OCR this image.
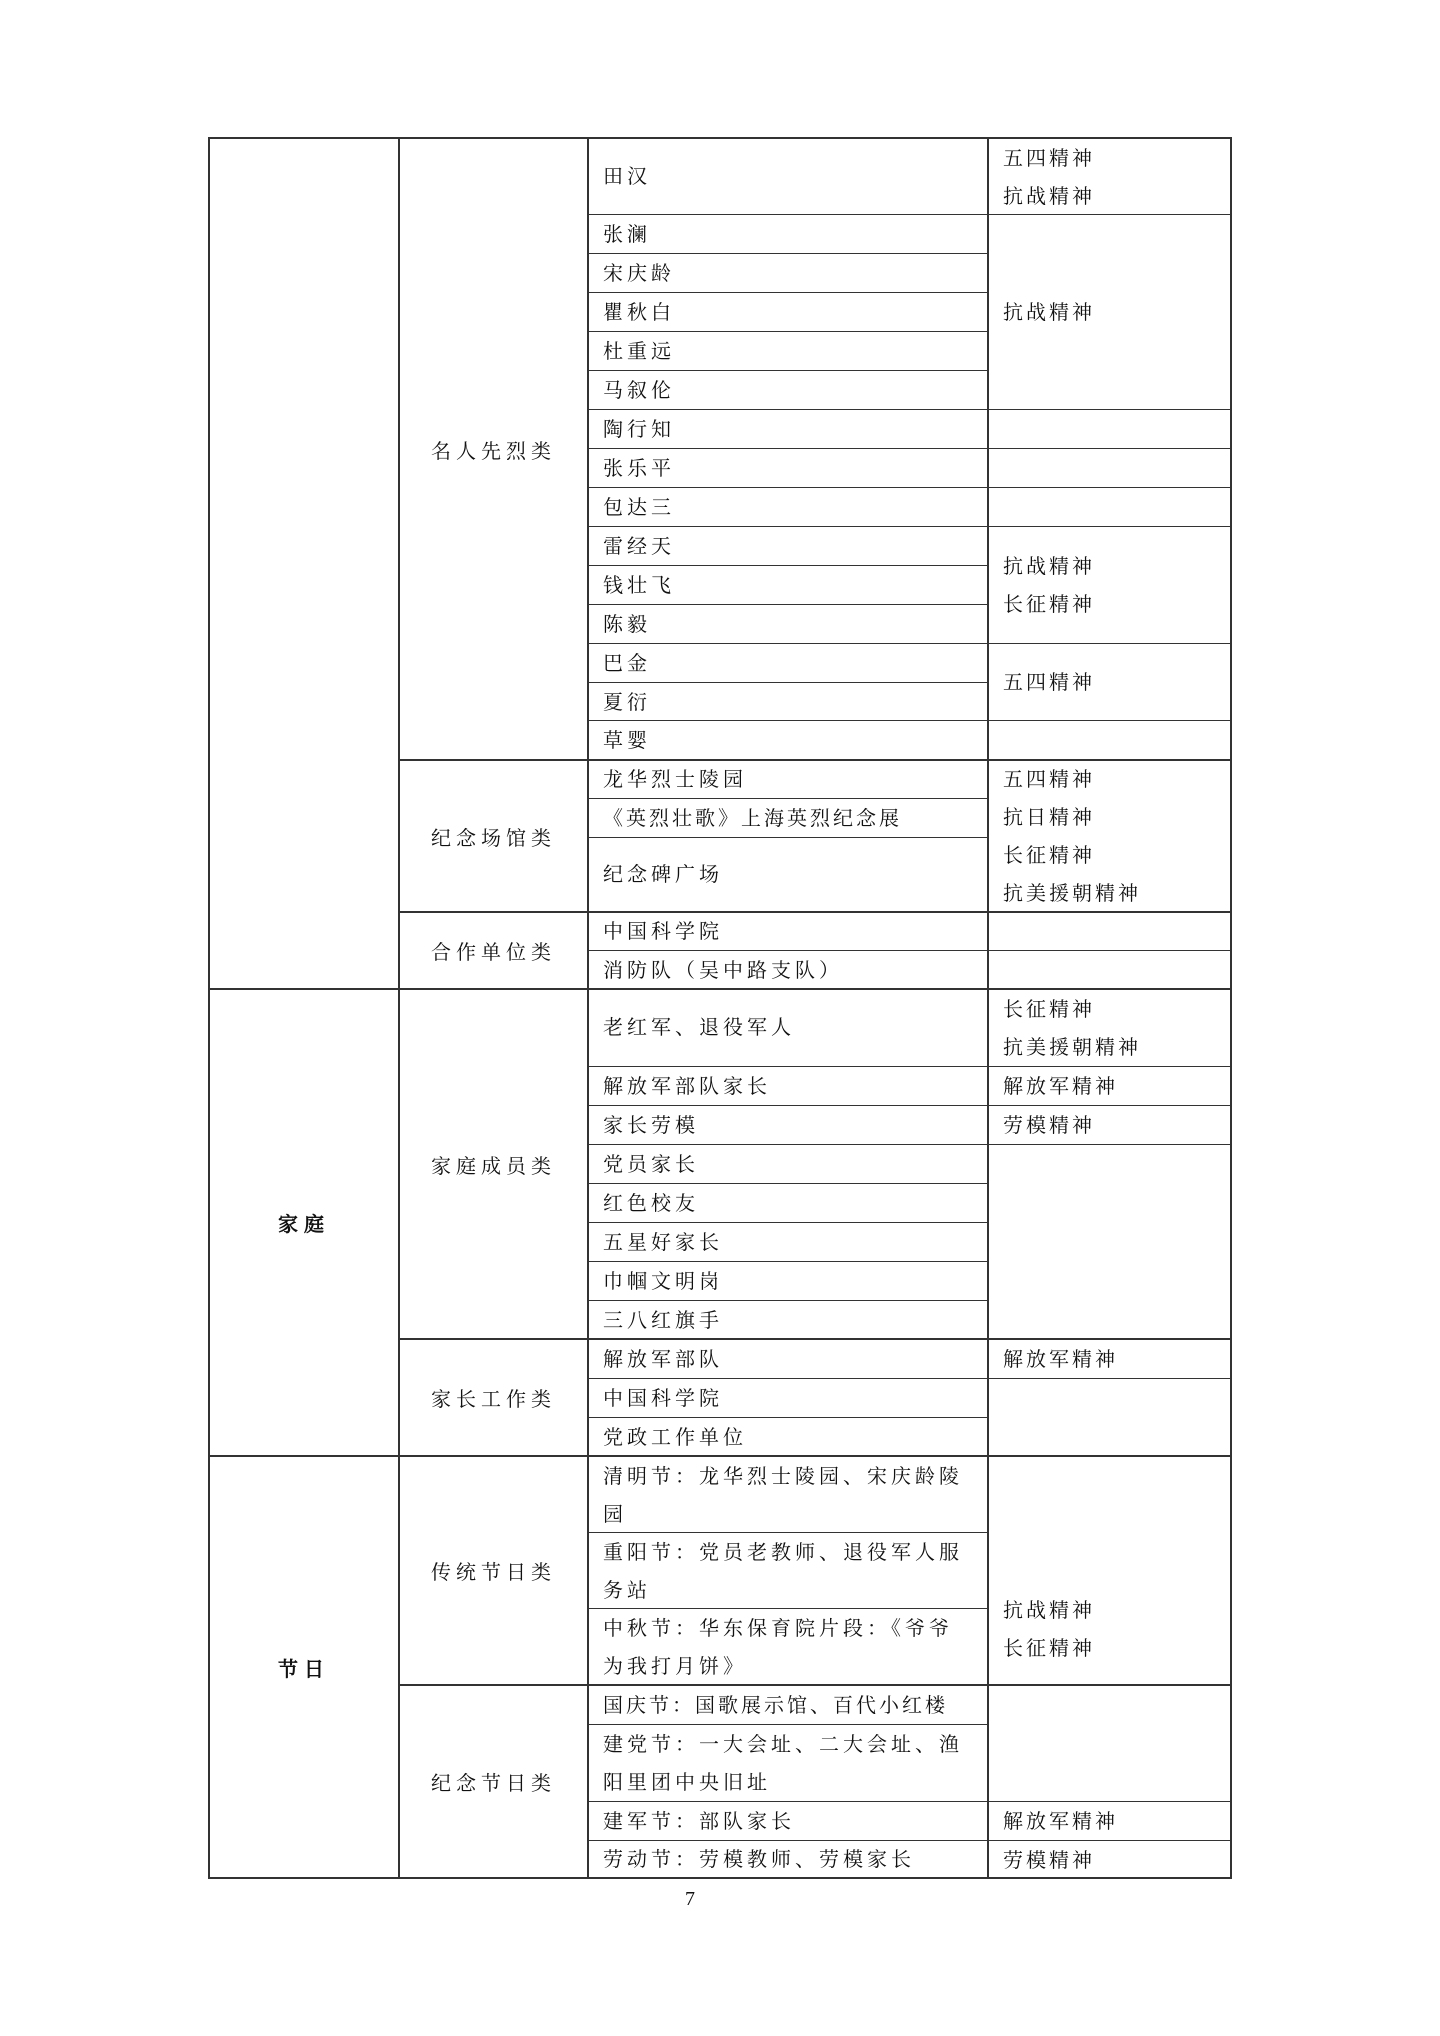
家庭
节日
名人先烈类
纪念场馆类
合作单位类
家庭成员类
家长工作类
传统节日类
纪念节日类
田汉
张澜
宋庆龄
瞿秋白
杜重远
马叙伦
陶行知
张乐平
包达三
雷经天
钱壮飞
陈毅
巴金
夏衍
草婴
龙华烈士陵园
《英烈壮歌》上海英烈纪念展
纪念碑广场
中国科学院
消防队（吴中路支队）
老红军、退役军人
解放军部队家长
家长劳模
党员家长
红色校友
五星好家长
巾帼文明岗
三八红旗手
解放军部队
中国科学院
党政工作单位
清明节：龙华烈士陵园、宋庆龄陵
园
重阳节：党员老教师、退役军人服
务站
中秋节：华东保育院片段：《爷爷
为我打月饼》
国庆节：国歌展示馆、百代小红楼
建党节：一大会址、二大会址、渔
阳里团中央旧址
建军节：部队家长
劳动节：劳模教师、劳模家长
五四精神
抗战精神
抗战精神
抗战精神
长征精神
五四精神
五四精神
抗日精神
长征精神
抗美援朝精神
长征精神
抗美援朝精神
解放军精神
劳模精神
解放军精神
抗战精神
长征精神
解放军精神
劳模精神
7
